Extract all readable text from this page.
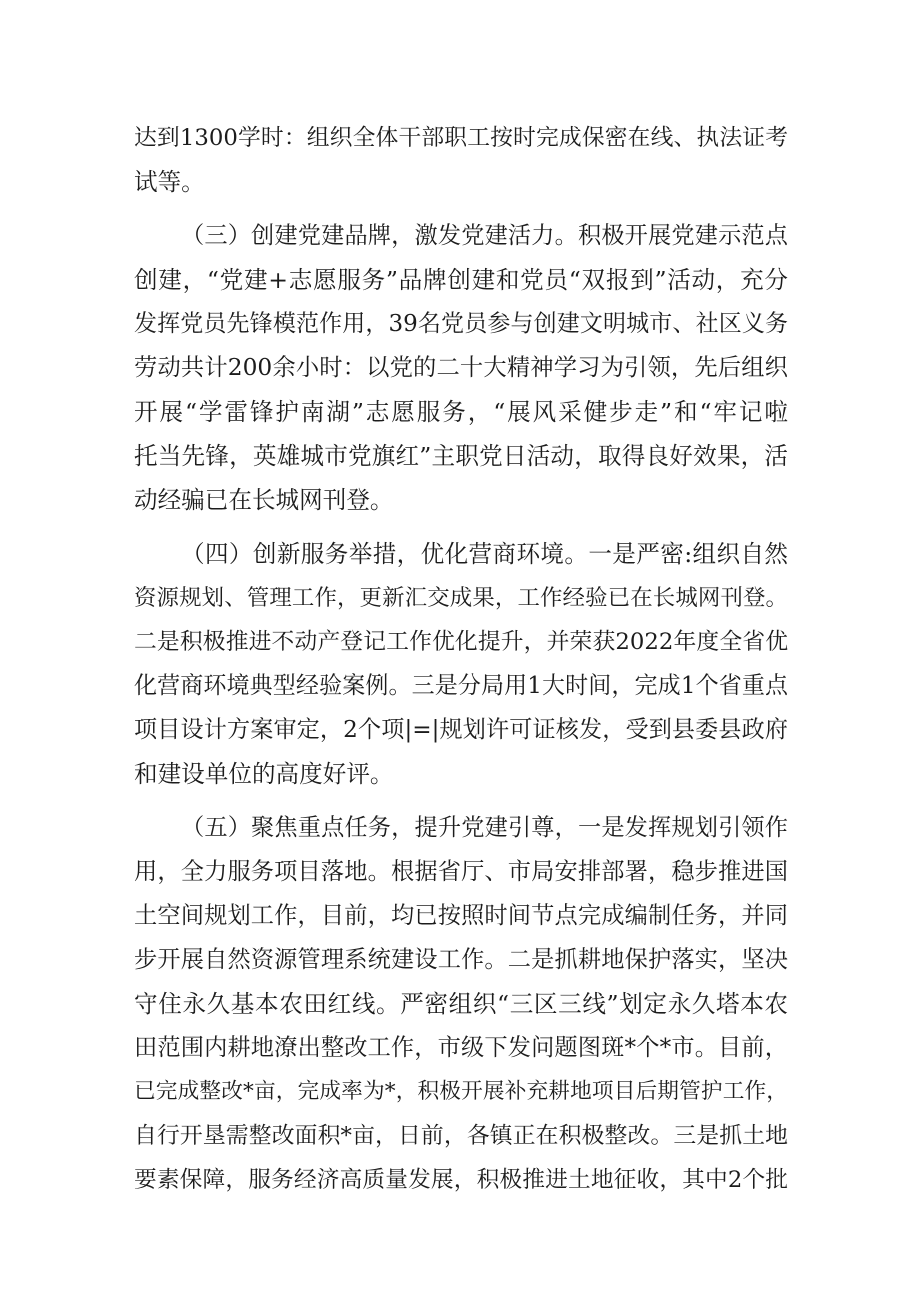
达到1300学时：组织全体干部职工按时完成保密在线、执法证考
试等。
（三）创建党建品牌，激发党建活力。积极开展党建示范点
创建，“党建+志愿服务”品牌创建和党员“双报到”活动，充分
发挥党员先锋模范作用，39名党员参与创建文明城市、社区义务
劳动共计200余小时：以党的二十大精神学习为引领，先后组织
开展“学雷锋护南湖”志愿服务，“展风采健步走”和“牢记啦
托当先锋，英雄城市党旗红”主职党日活动，取得良好效果，活
动经骗已在长城网刊登。
（四）创新服务举措，优化营商环境。一是严密:组织自然
资源规划、管理工作，更新汇交成果，工作经验已在长城网刊登。
二是积极推进不动产登记工作优化提升，并荣获2022年度全省优
化营商环境典型经验案例。三是分局用1大时间，完成1个省重点
项目设计方案审定，2个项|=|规划许可证核发，受到县委县政府
和建设单位的高度好评。
（五）聚焦重点任务，提升党建引尊，一是发挥规划引领作
用，全力服务项目落地。根据省厅、市局安排部署，稳步推进国
土空间规划工作，目前，均已按照时间节点完成编制任务，并同
步开展自然资源管理系统建设工作。二是抓耕地保护落实，坚决
守住永久基本农田红线。严密组织“三区三线”划定永久塔本农
田范围内耕地潦出整改工作，市级下发问题图斑*个*市。目前，
已完成整改*亩，完成率为*，积极开展补充耕地项目后期管护工作，
自行开垦需整改面积*亩，日前，各镇正在积极整改。三是抓土地
要素保障，服务经济高质量发展，积极推进土地征收，其中2个批
